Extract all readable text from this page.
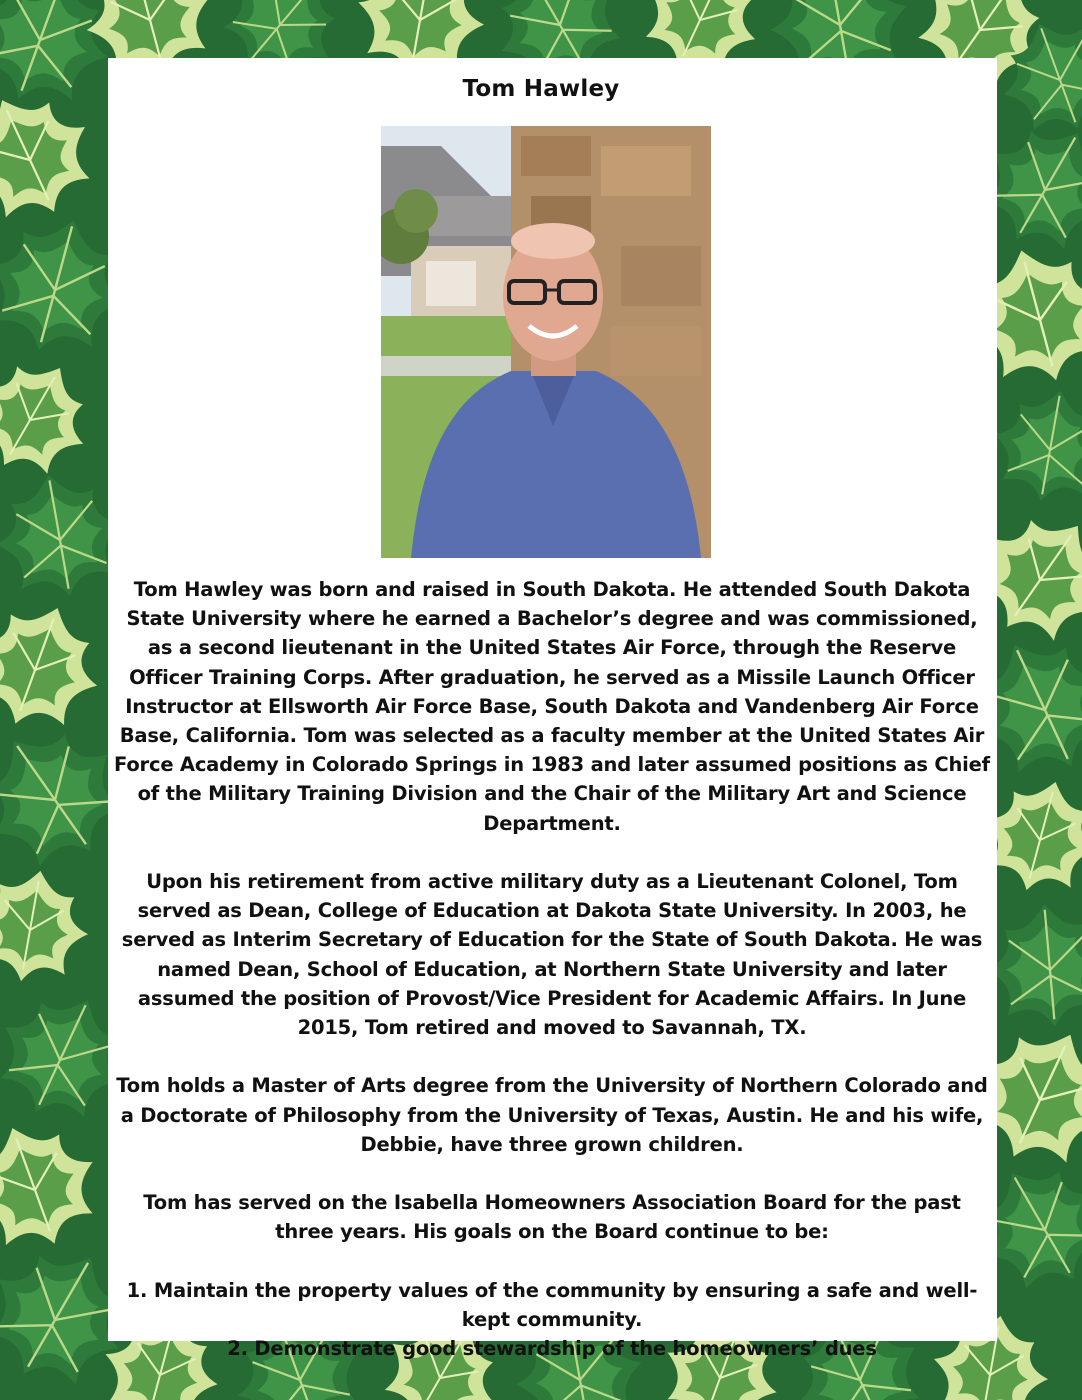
Tom Hawley

Tom Hawley was born and raised in South Dakota. He attended South Dakota State University where he earned a Bachelor’s degree and was commissioned, as a second lieutenant in the United States Air Force, through the Reserve Officer Training Corps. After graduation, he served as a Missile Launch Officer Instructor at Ellsworth Air Force Base, South Dakota and Vandenberg Air Force Base, California. Tom was selected as a faculty member at the United States Air Force Academy in Colorado Springs in 1983 and later assumed positions as Chief of the Military Training Division and the Chair of the Military Art and Science Department.

Upon his retirement from active military duty as a Lieutenant Colonel, Tom served as Dean, College of Education at Dakota State University. In 2003, he served as Interim Secretary of Education for the State of South Dakota. He was named Dean, School of Education, at Northern State University and later assumed the position of Provost/Vice President for Academic Affairs. In June 2015, Tom retired and moved to Savannah, TX.

Tom holds a Master of Arts degree from the University of Northern Colorado and a Doctorate of Philosophy from the University of Texas, Austin. He and his wife, Debbie, have three grown children.

Tom has served on the Isabella Homeowners Association Board for the past three years. His goals on the Board continue to be:

1. Maintain the property values of the community by ensuring a safe and well-kept community.

2. Demonstrate good stewardship of the homeowners’ dues
